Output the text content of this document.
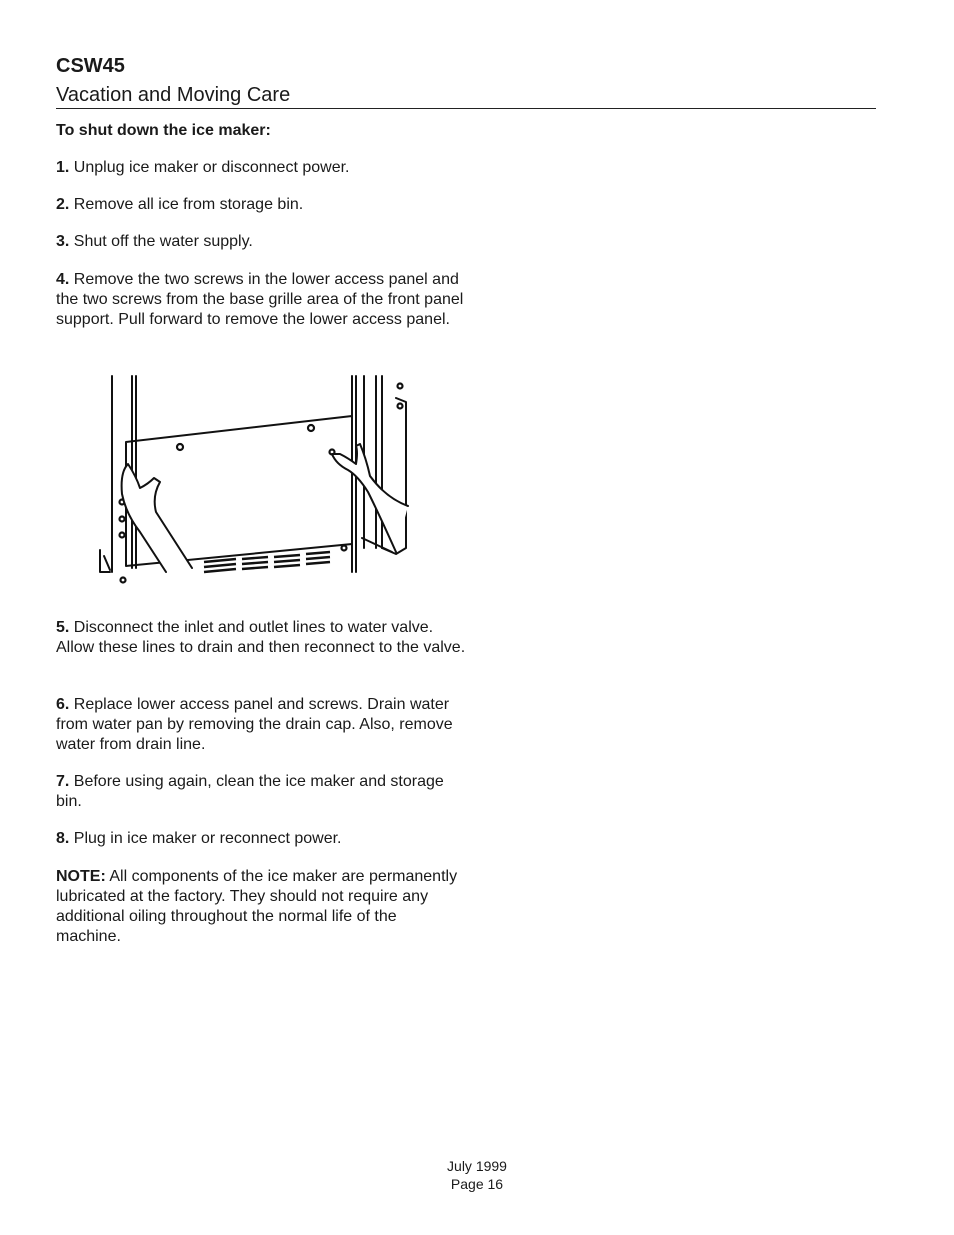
CSW45
Vacation and Moving Care

To shut down the ice maker:

1. Unplug ice maker or disconnect power.

2. Remove all ice from storage bin.

3. Shut off the water supply.

4. Remove the two screws in the lower access panel and the two screws from the base grille area of the front panel support. Pull forward to remove the lower access panel.

5. Disconnect the inlet and outlet lines to water valve. Allow these lines to drain and then reconnect to the valve.

6. Replace lower access panel and screws. Drain water from water pan by removing the drain cap. Also, remove water from drain line.

7. Before using again, clean the ice maker and storage bin.

8. Plug in ice maker or reconnect power.

NOTE: All components of the ice maker are permanently lubricated at the factory. They should not require any additional oiling throughout the normal life of the machine.

July 1999
Page 16
